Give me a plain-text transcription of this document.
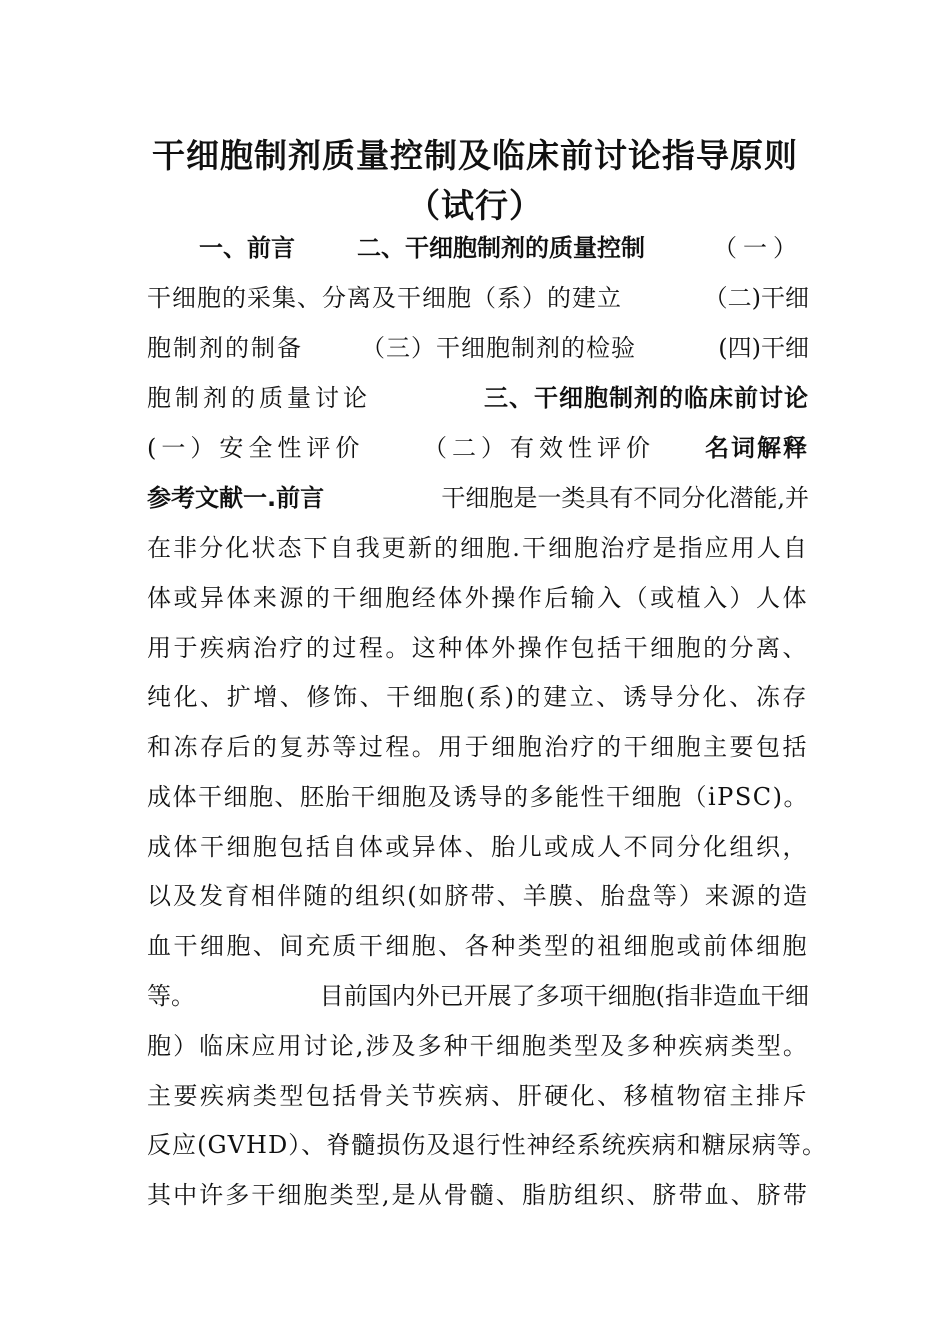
干细胞制剂质量控制及临床前讨论指导原则
（试行）
一、前言	二、干细胞制剂的质量控制	（一）
干细胞的采集、分离及干细胞（系）的建立	（二)干细
胞制剂的制备 （三）干细胞制剂的检验	(四)干细
胞制剂的质量讨论	三、干细胞制剂的临床前讨论
(一）安全性评价 （二）有效性评价 名词解释
参考文献一.前言	干细胞是一类具有不同分化潜能,并
在非分化状态下自我更新的细胞.干细胞治疗是指应用人自
体或异体来源的干细胞经体外操作后输入（或植入）人体
用于疾病治疗的过程。这种体外操作包括干细胞的分离、
纯化、扩增、修饰、干细胞(系)的建立、诱导分化、冻存
和冻存后的复苏等过程。用于细胞治疗的干细胞主要包括
成体干细胞、胚胎干细胞及诱导的多能性干细胞（iPSC)。
成体干细胞包括自体或异体、胎儿或成人不同分化组织，
以及发育相伴随的组织(如脐带、羊膜、胎盘等）来源的造
血干细胞、间充质干细胞、各种类型的祖细胞或前体细胞
等。	目前国内外已开展了多项干细胞(指非造血干细
胞）临床应用讨论,涉及多种干细胞类型及多种疾病类型。
主要疾病类型包括骨关节疾病、肝硬化、移植物宿主排斥
反应(GVHD）、脊髓损伤及退行性神经系统疾病和糖尿病等。
其中许多干细胞类型,是从骨髓、脂肪组织、脐带血、脐带
